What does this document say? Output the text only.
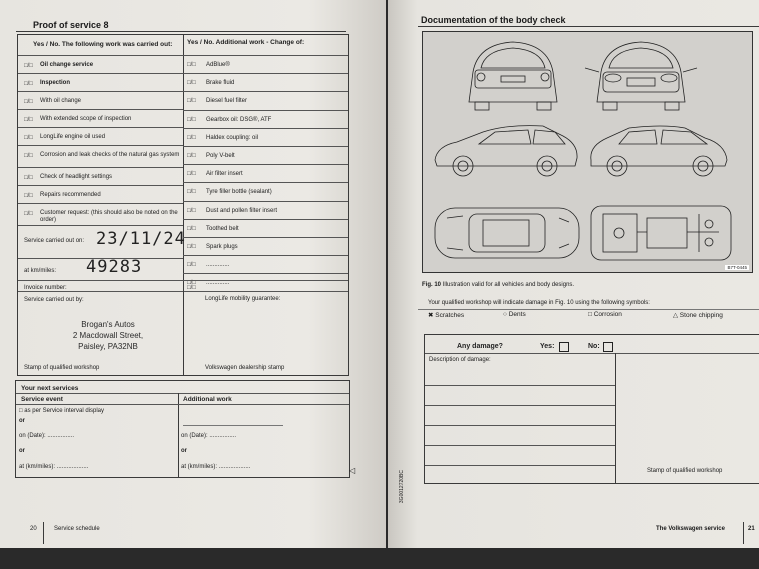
Proof of service 8
Yes / No. The following work was carried out: Yes / No. Additional work - Change of:
□/□ Oil change service
□/□ Inspection
□/□ With oil change
□/□ With extended scope of inspection
□/□ LongLife engine oil used
□/□ Corrosion and leak checks of the natural gas system
□/□ Check of headlight settings
□/□ Repairs recommended
□/□ Customer request: (this should also be noted on the order)
□/□ AdBlue®
□/□ Brake fluid
□/□ Diesel fuel filter
□/□ Gearbox oil: DSG®, ATF
□/□ Haldex coupling: oil
□/□ Poly V-belt
□/□ Air filter insert
□/□ Tyre filler bottle (sealant)
□/□ Dust and pollen filter insert
□/□ Toothed belt
□/□ Spark plugs
□/□ ..............
□/□ ..............
Service carried out on: 23/11/24
at km/miles: 49283
Invoice number:	□/□
Service carried out by:	LongLife mobility guarantee:
Brogan's Autos
2 Macdowall Street,
Paisley, PA32NB
Stamp of qualified workshop	Volkswagen dealership stamp
Your next services
Service event	Additional work
□ as per Service interval display
or
on (Date): ................	on (Date): ................
or	or
at (km/miles): ...................	at (km/miles): ...................	◁
20	Service schedule
Documentation of the body check
B7T-0445
Fig. 10 Illustration valid for all vehicles and body designs.
Your qualified workshop will indicate damage in Fig. 10 using the following symbols:
✖ Scratches	○ Dents	□ Corrosion	△ Stone chipping
Any damage?	Yes:	No:
Description of damage:
Stamp of qualified workshop
3G0012720BC
The Volkswagen service	21
